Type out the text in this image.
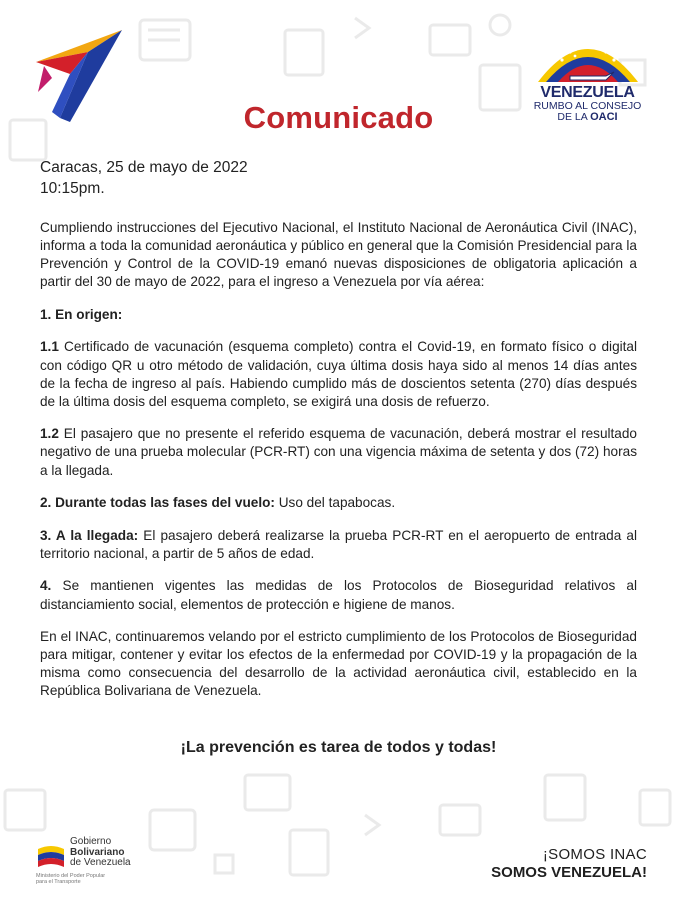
VENEZUELA
RUMBO AL CONSEJO
DE LA OACI
Comunicado
Caracas, 25 de mayo de 2022
10:15pm.

Cumpliendo instrucciones del Ejecutivo Nacional, el Instituto Nacional de Aeronáutica Civil (INAC), informa a toda la comunidad aeronáutica y público en general que la Comisión Presidencial para la Prevención y Control de la COVID-19 emanó nuevas disposiciones de obligatoria aplicación a partir del 30 de mayo de 2022, para el ingreso a Venezuela por vía aérea:

1. En origen:

1.1 Certificado de vacunación (esquema completo) contra el Covid-19, en formato físico o digital con código QR u otro método de validación, cuya última dosis haya sido al menos 14 días antes de la fecha de ingreso al país. Habiendo cumplido más de doscientos setenta (270) días después de la última dosis del esquema completo, se exigirá una dosis de refuerzo.

1.2 El pasajero que no presente el referido esquema de vacunación, deberá mostrar el resultado negativo de una prueba molecular (PCR-RT) con una vigencia máxima de setenta y dos (72) horas a la llegada.

2. Durante todas las fases del vuelo: Uso del tapabocas.

3. A la llegada: El pasajero deberá realizarse la prueba PCR-RT en el aeropuerto de entrada al territorio nacional, a partir de 5 años de edad.

4. Se mantienen vigentes las medidas de los Protocolos de Bioseguridad relativos al distanciamiento social, elementos de protección e higiene de manos.

En el INAC, continuaremos velando por el estricto cumplimiento de los Protocolos de Bioseguridad para mitigar, contener y evitar los efectos de la enfermedad por COVID-19 y la propagación de la misma como consecuencia del desarrollo de la actividad aeronáutica civil, establecido en la República Bolivariana de Venezuela.

¡La prevención es tarea de todos y todas!
Gobierno
Bolivariano
de Venezuela
Ministerio del Poder Popular
para el Transporte
¡SOMOS INAC
SOMOS VENEZUELA!
